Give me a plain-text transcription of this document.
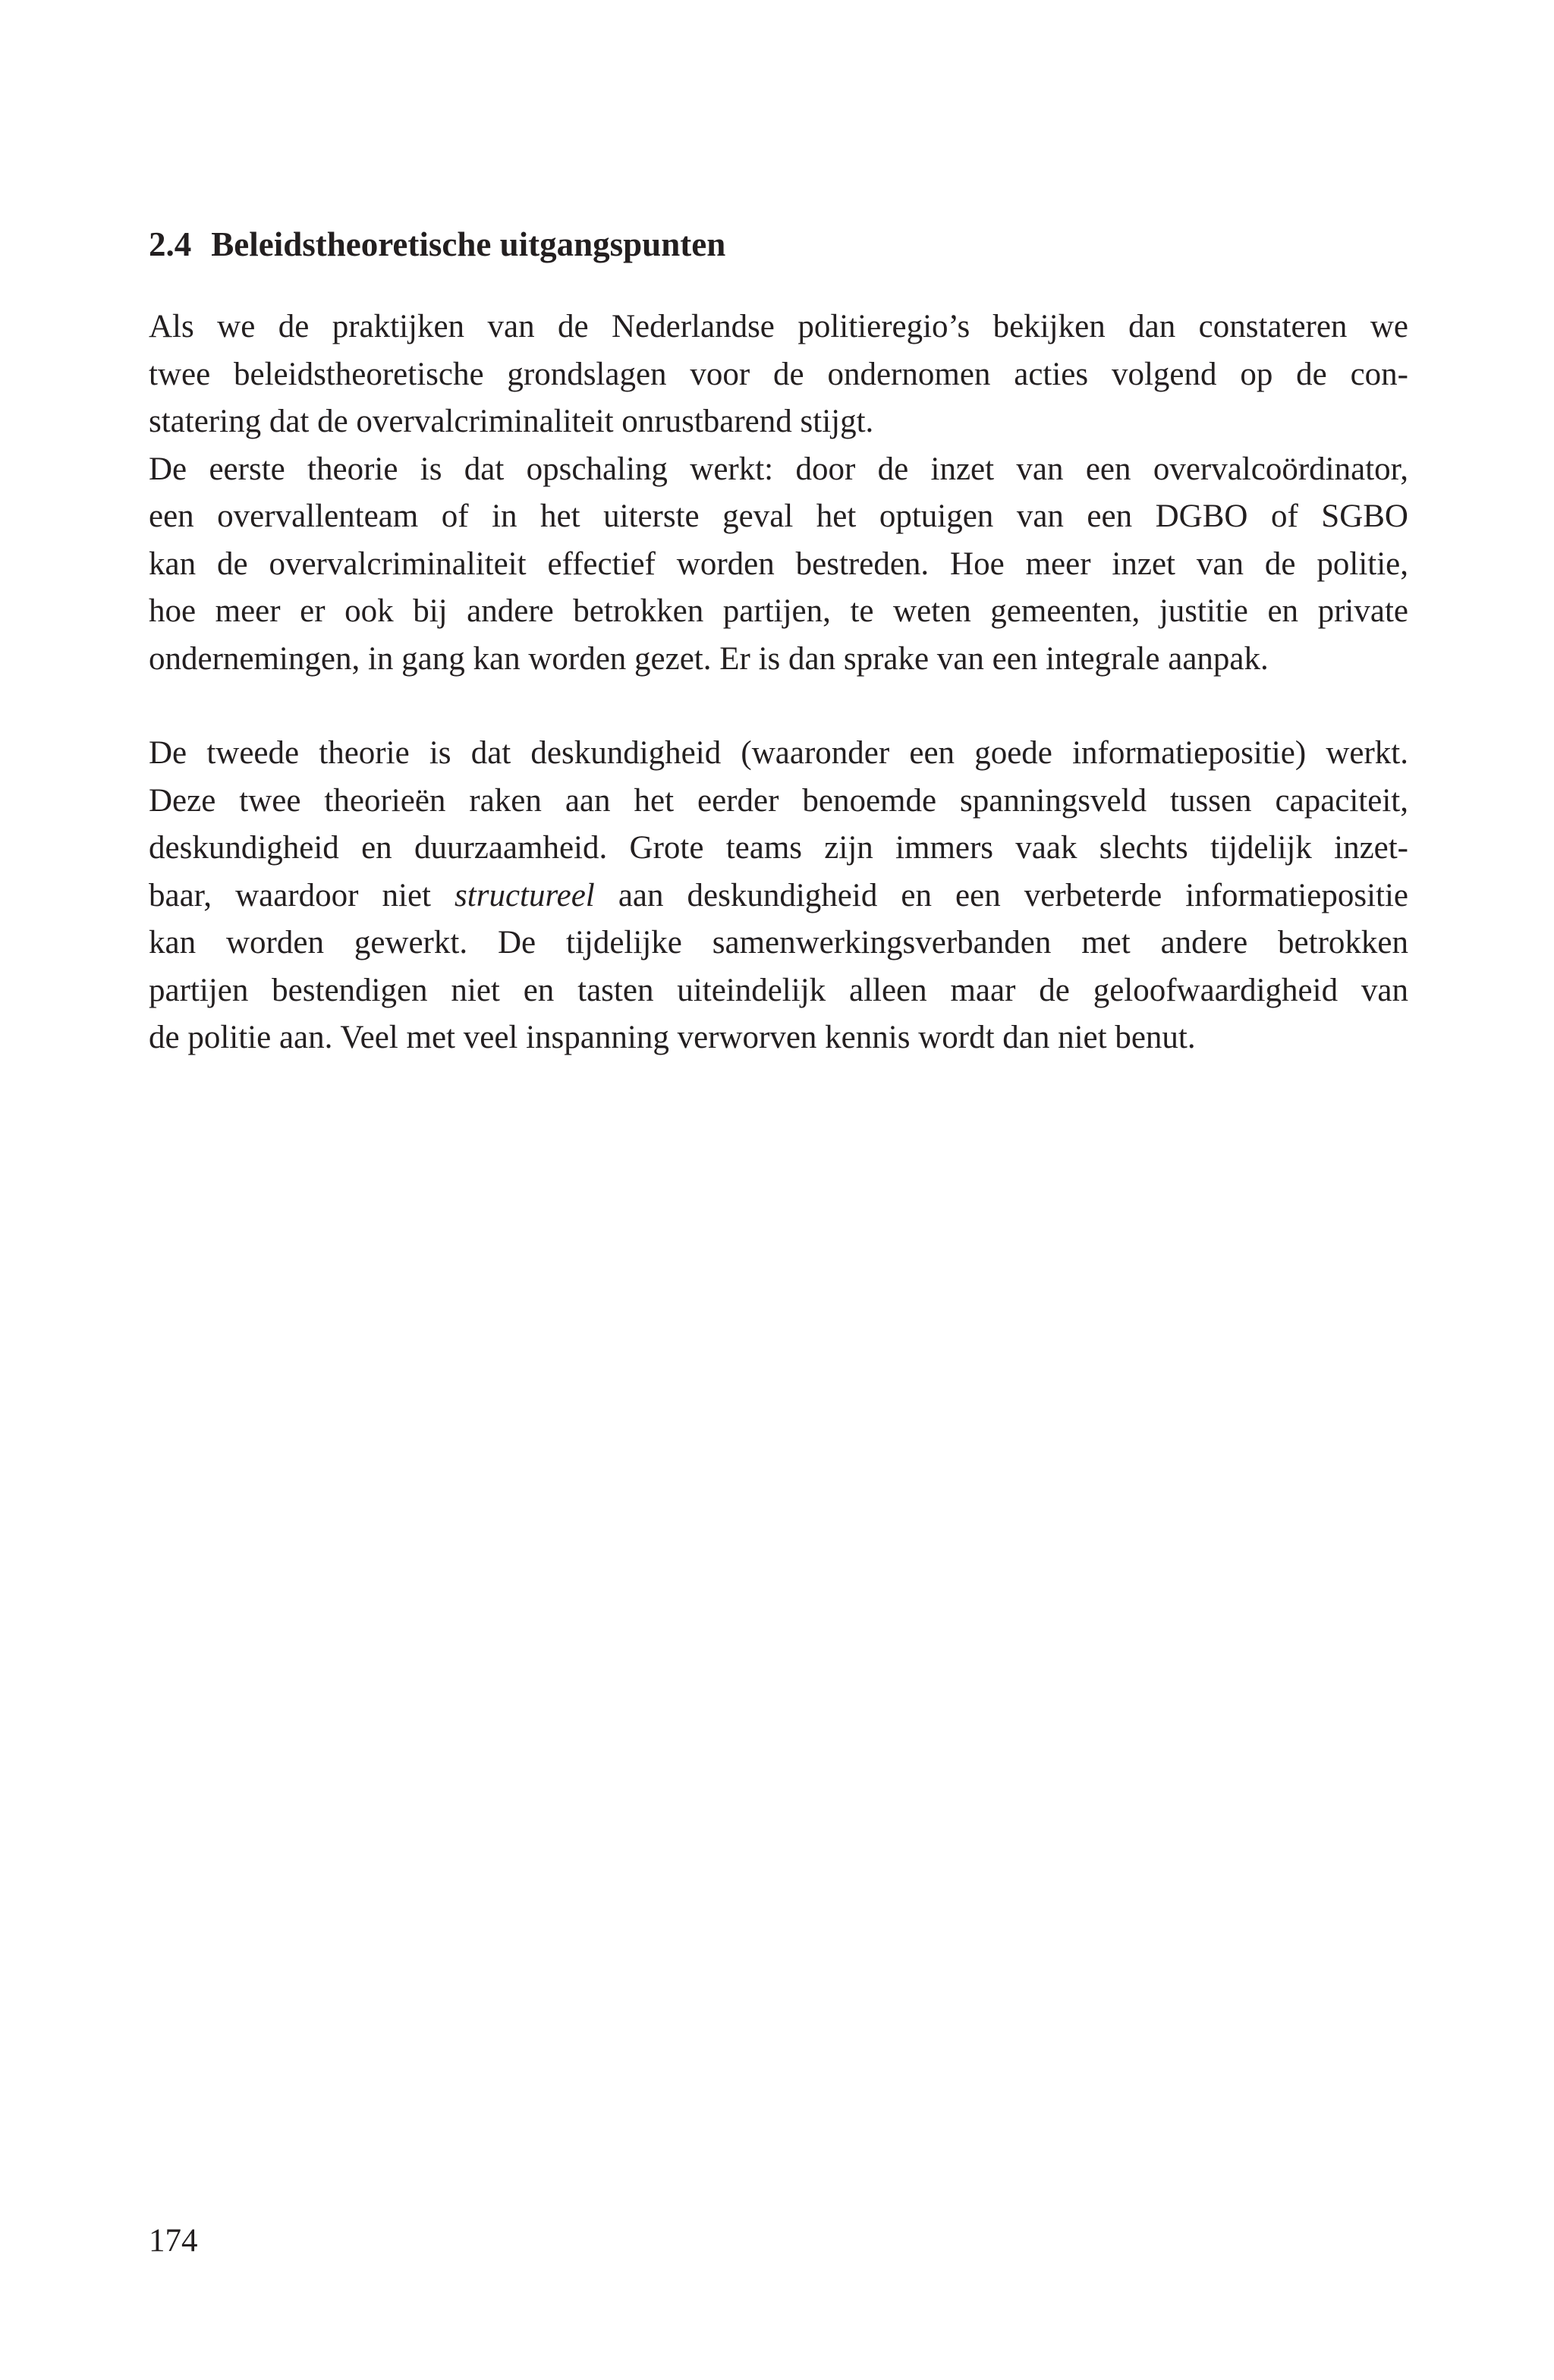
2.4 Beleidstheoretische uitgangspunten

Als we de praktijken van de Nederlandse politieregio’s bekijken dan constateren we
twee beleidstheoretische grondslagen voor de ondernomen acties volgend op de con-
statering dat de overvalcriminaliteit onrustbarend stijgt.

De eerste theorie is dat opschaling werkt: door de inzet van een overvalcoördinator,
een overvallenteam of in het uiterste geval het optuigen van een DGBO of SGBO
kan de overvalcriminaliteit effectief worden bestreden. Hoe meer inzet van de politie,
hoe meer er ook bij andere betrokken partijen, te weten gemeenten, justitie en private
ondernemingen, in gang kan worden gezet. Er is dan sprake van een integrale aanpak.

De tweede theorie is dat deskundigheid (waaronder een goede informatiepositie) werkt.
Deze twee theorieën raken aan het eerder benoemde spanningsveld tussen capaciteit,
deskundigheid en duurzaamheid. Grote teams zijn immers vaak slechts tijdelijk inzet-
baar, waardoor niet structureel aan deskundigheid en een verbeterde informatiepositie
kan worden gewerkt. De tijdelijke samenwerkingsverbanden met andere betrokken
partijen bestendigen niet en tasten uiteindelijk alleen maar de geloofwaardigheid van
de politie aan. Veel met veel inspanning verworven kennis wordt dan niet benut.

174
